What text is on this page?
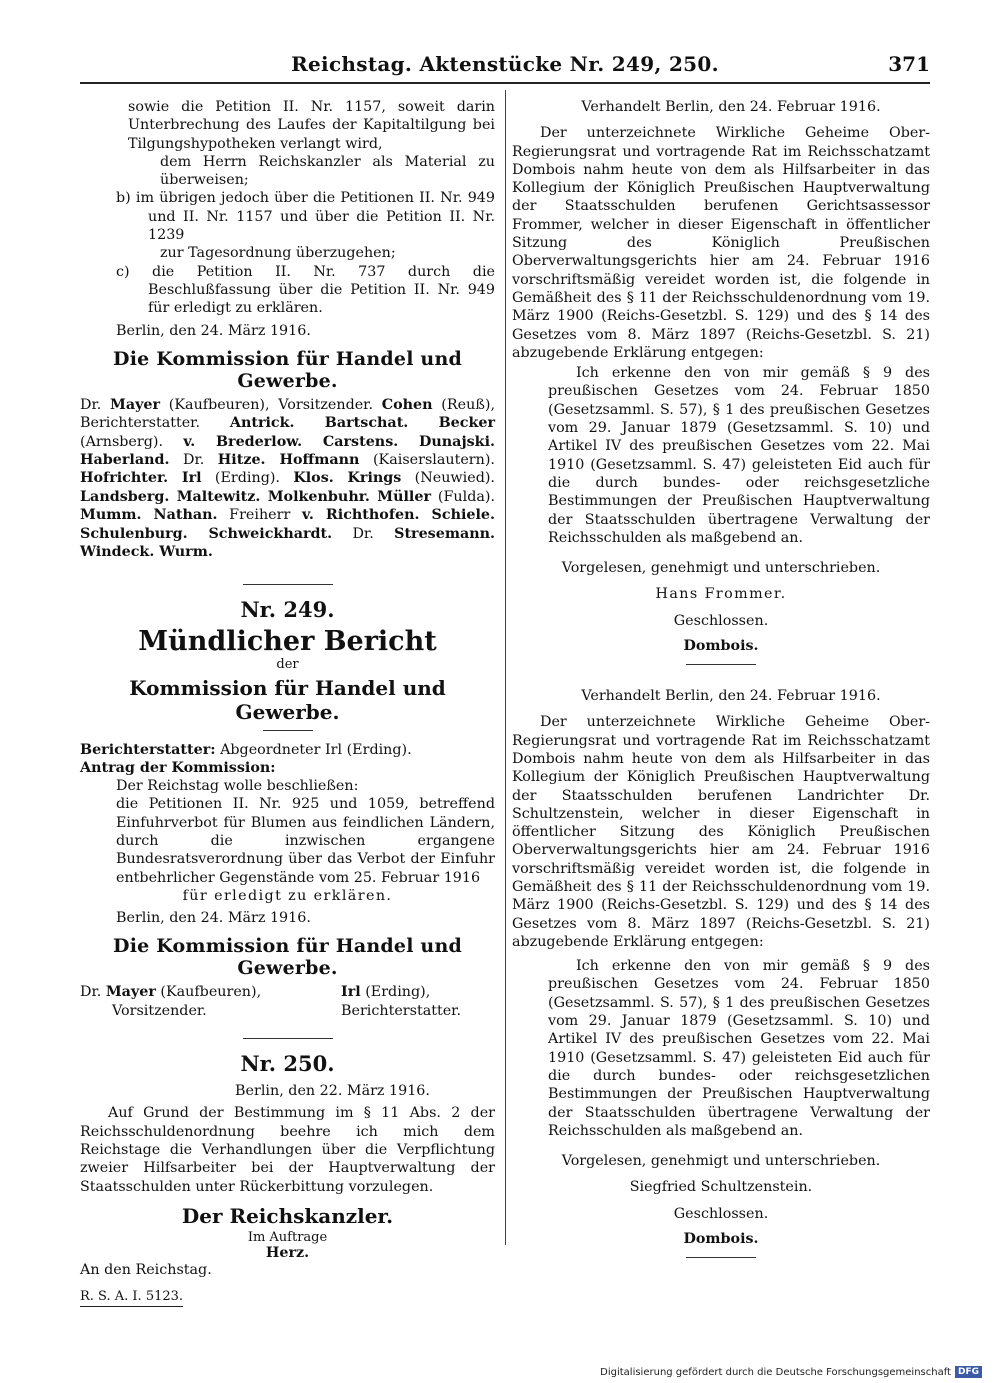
Reichstag. Aktenstücke Nr. 249, 250.	371

sowie die Petition II. Nr. 1157, soweit darin Unterbrechung des Laufes der Kapitaltilgung bei Tilgungshypotheken verlangt wird,

dem Herrn Reichskanzler als Material zu überweisen;

b) im übrigen jedoch über die Petitionen II. Nr. 949 und II. Nr. 1157 und über die Petition II. Nr. 1239

zur Tagesordnung überzugehen;

c) die Petition II. Nr. 737 durch die Beschlußfassung über die Petition II. Nr. 949 für erledigt zu erklären.

Berlin, den 24. März 1916.

Die Kommission für Handel und Gewerbe.

Dr. Mayer (Kaufbeuren), Vorsitzender. Cohen (Reuß), Berichterstatter. Antrick. Bartschat. Becker (Arnsberg). v. Brederlow. Carstens. Dunajski. Haberland. Dr. Hitze. Hoffmann (Kaiserslautern). Hofrichter. Irl (Erding). Klos. Krings (Neuwied). Landsberg. Maltewitz. Molkenbuhr. Müller (Fulda). Mumm. Nathan. Freiherr v. Richthofen. Schiele. Schulenburg. Schweickhardt. Dr. Stresemann. Windeck. Wurm.

Nr. 249.

Mündlicher Bericht

der

Kommission für Handel und Gewerbe.

Berichterstatter: Abgeordneter Irl (Erding).

Antrag der Kommission:

Der Reichstag wolle beschließen:

die Petitionen II. Nr. 925 und 1059, betreffend Einfuhrverbot für Blumen aus feindlichen Ländern, durch die inzwischen ergangene Bundesratsverordnung über das Verbot der Einfuhr entbehrlicher Gegenstände vom 25. Februar 1916

für erledigt zu erklären.

Berlin, den 24. März 1916.

Die Kommission für Handel und Gewerbe.

Dr. Mayer (Kaufbeuren),
Vorsitzender.
Irl (Erding),
Berichterstatter.

Nr. 250.

Berlin, den 22. März 1916.

Auf Grund der Bestimmung im § 11 Abs. 2 der Reichsschuldenordnung beehre ich mich dem Reichstage die Verhandlungen über die Verpflichtung zweier Hilfsarbeiter bei der Hauptverwaltung der Staatsschulden unter Rückerbittung vorzulegen.

Der Reichskanzler.

Im Auftrage

Herz.

An den Reichstag.

R. S. A. I. 5123.

Verhandelt Berlin, den 24. Februar 1916.

Der unterzeichnete Wirkliche Geheime Ober-Regierungsrat und vortragende Rat im Reichsschatzamt Dombois nahm heute von dem als Hilfsarbeiter in das Kollegium der Königlich Preußischen Hauptverwaltung der Staatsschulden berufenen Gerichtsassessor Frommer, welcher in dieser Eigenschaft in öffentlicher Sitzung des Königlich Preußischen Oberverwaltungsgerichts hier am 24. Februar 1916 vorschriftsmäßig vereidet worden ist, die folgende in Gemäßheit des § 11 der Reichsschuldenordnung vom 19. März 1900 (Reichs-Gesetzbl. S. 129) und des § 14 des Gesetzes vom 8. März 1897 (Reichs-Gesetzbl. S. 21) abzugebende Erklärung entgegen:

Ich erkenne den von mir gemäß § 9 des preußischen Gesetzes vom 24. Februar 1850 (Gesetzsamml. S. 57), § 1 des preußischen Gesetzes vom 29. Januar 1879 (Gesetzsamml. S. 10) und Artikel IV des preußischen Gesetzes vom 22. Mai 1910 (Gesetzsamml. S. 47) geleisteten Eid auch für die durch bundes- oder reichsgesetzliche Bestimmungen der Preußischen Hauptverwaltung der Staatsschulden übertragene Verwaltung der Reichsschulden als maßgebend an.

Vorgelesen, genehmigt und unterschrieben.

Hans Frommer.

Geschlossen.

Dombois.

Verhandelt Berlin, den 24. Februar 1916.

Der unterzeichnete Wirkliche Geheime Ober-Regierungsrat und vortragende Rat im Reichsschatzamt Dombois nahm heute von dem als Hilfsarbeiter in das Kollegium der Königlich Preußischen Hauptverwaltung der Staatsschulden berufenen Landrichter Dr. Schultzenstein, welcher in dieser Eigenschaft in öffentlicher Sitzung des Königlich Preußischen Oberverwaltungsgerichts hier am 24. Februar 1916 vorschriftsmäßig vereidet worden ist, die folgende in Gemäßheit des § 11 der Reichsschuldenordnung vom 19. März 1900 (Reichs-Gesetzbl. S. 129) und des § 14 des Gesetzes vom 8. März 1897 (Reichs-Gesetzbl. S. 21) abzugebende Erklärung entgegen:

Ich erkenne den von mir gemäß § 9 des preußischen Gesetzes vom 24. Februar 1850 (Gesetzsamml. S. 57), § 1 des preußischen Gesetzes vom 29. Januar 1879 (Gesetzsamml. S. 10) und Artikel IV des preußischen Gesetzes vom 22. Mai 1910 (Gesetzsamml. S. 47) geleisteten Eid auch für die durch bundes- oder reichsgesetzlichen Bestimmungen der Preußischen Hauptverwaltung der Staatsschulden übertragene Verwaltung der Reichsschulden als maßgebend an.

Vorgelesen, genehmigt und unterschrieben.

Siegfried Schultzenstein.

Geschlossen.

Dombois.

Digitalisierung gefördert durch die Deutsche Forschungsgemeinschaft DFG
